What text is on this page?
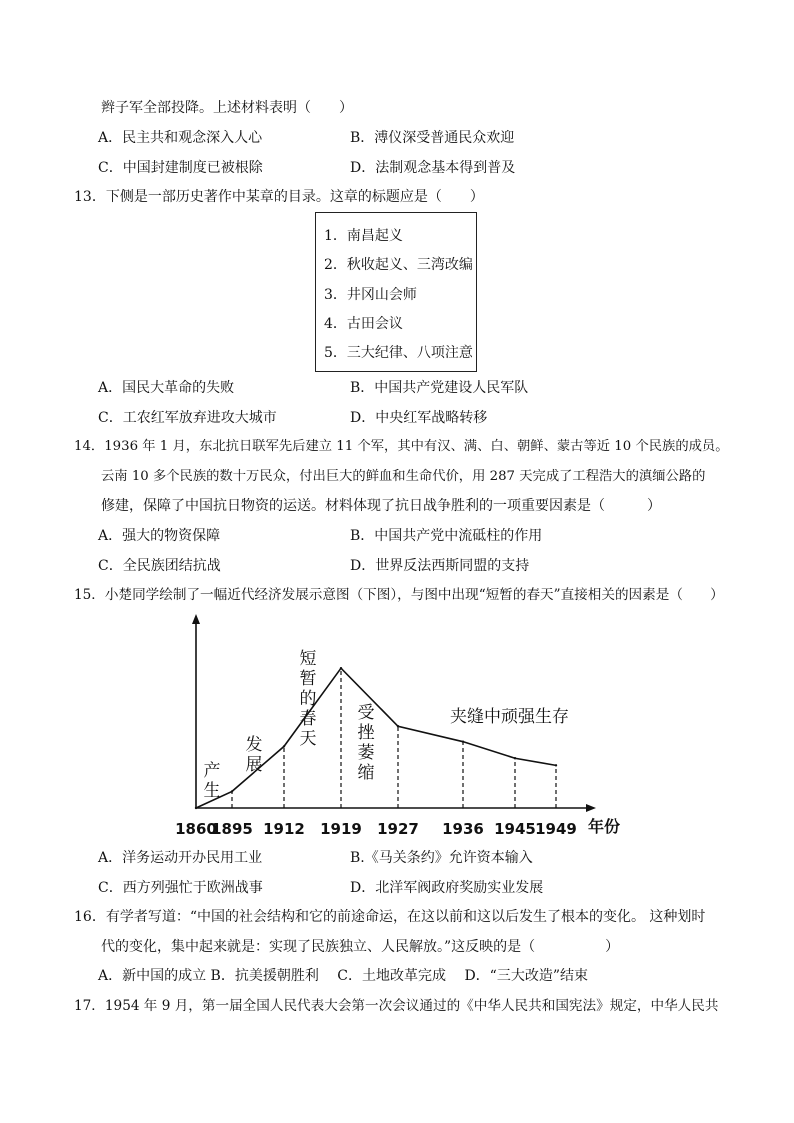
辫子军全部投降。上述材料表明（　　）
A．民主共和观念深入人心	B．溥仪深受普通民众欢迎
C．中国封建制度已被根除	D．法制观念基本得到普及
13．下侧是一部历史著作中某章的目录。这章的标题应是（　　）
1．南昌起义
2．秋收起义、三湾改编
3．井冈山会师
4．古田会议
5．三大纪律、八项注意
A．国民大革命的失败	B．中国共产党建设人民军队
C．工农红军放弃进攻大城市	D．中央红军战略转移
14．1936 年 1 月，东北抗日联军先后建立 11 个军，其中有汉、满、白、朝鲜、蒙古等近 10 个民族的成员。
云南 10 多个民族的数十万民众，付出巨大的鲜血和生命代价，用 287 天完成了工程浩大的滇缅公路的
修建，保障了中国抗日物资的运送。材料体现了抗日战争胜利的一项重要因素是（　　　）
A．强大的物资保障	B．中国共产党中流砥柱的作用
C．全民族团结抗战	D．世界反法西斯同盟的支持
15．小楚同学绘制了一幅近代经济发展示意图（下图），与图中出现“短暂的春天”直接相关的因素是（　　）
1860
1895 1912 1919 1927 1936 1945 1949
产
生
发
展
短
暂
的
春
天
受
挫
萎
缩
夹缝中顽强生存
年份
A．洋务运动开办民用工业	B.《马关条约》允许资本输入
C．西方列强忙于欧洲战事	D．北洋军阀政府奖励实业发展
16．有学者写道：“中国的社会结构和它的前途命运，在这以前和这以后发生了根本的变化。 这种划时
代的变化，集中起来就是：实现了民族独立、人民解放。”这反映的是（　　　　　）
A．新中国的成立 B．抗美援朝胜利　 C．土地改革完成　 D．“三大改造”结束
17．1954 年 9 月，第一届全国人民代表大会第一次会议通过的《中华人民共和国宪法》规定，中华人民共
